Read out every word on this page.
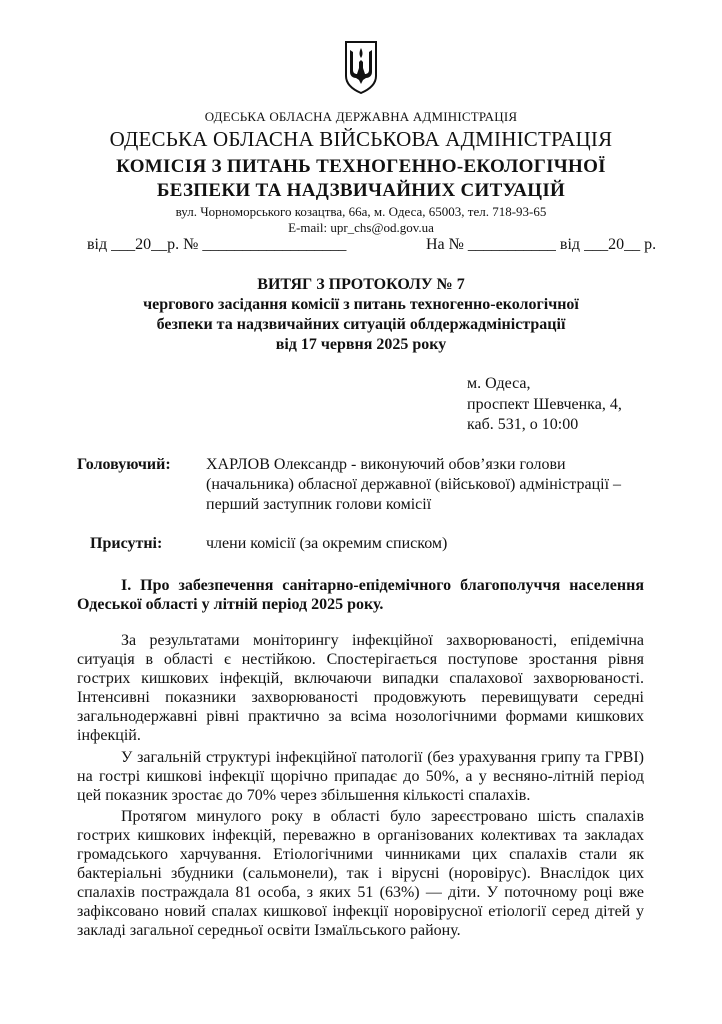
ОДЕСЬКА ОБЛАСНА ДЕРЖАВНА АДМІНІСТРАЦІЯ
ОДЕСЬКА ОБЛАСНА ВІЙСЬКОВА АДМІНІСТРАЦІЯ
КОМІСІЯ З ПИТАНЬ ТЕХНОГЕННО-ЕКОЛОГІЧНОЇ
БЕЗПЕКИ ТА НАДЗВИЧАЙНИХ СИТУАЦІЙ
вул. Чорноморського козацтва, 66а, м. Одеса, 65003, тел. 718-93-65
E-mail: upr_chs@od.gov.ua
від ___20__р. № __________________	На № ___________ від ___20__ р.
ВИТЯГ З ПРОТОКОЛУ № 7
чергового засідання комісії з питань техногенно-екологічної
безпеки та надзвичайних ситуацій облдержадміністрації
від 17 червня 2025 року
м. Одеса,
проспект Шевченка, 4,
каб. 531, о 10:00
Головуючий: ХАРЛОВ Олександр - виконуючий обов’язки голови
(начальника) обласної державної (військової) адміністрації –
перший заступник голови комісії
Присутні:	члени комісії (за окремим списком)
І. Про забезпечення санітарно-епідемічного благополуччя населення
Одеської області у літній період 2025 року.
За результатами моніторингу інфекційної захворюваності, епідемічна
ситуація в області є нестійкою. Спостерігається поступове зростання рівня
гострих кишкових інфекцій, включаючи випадки спалахової захворюваності.
Інтенсивні показники захворюваності продовжують перевищувати середні
загальнодержавні рівні практично за всіма нозологічними формами кишкових
інфекцій.
У загальній структурі інфекційної патології (без урахування грипу та ГРВІ)
на гострі кишкові інфекції щорічно припадає до 50%, а у весняно-літній період
цей показник зростає до 70% через збільшення кількості спалахів.
Протягом минулого року в області було зареєстровано шість спалахів
гострих кишкових інфекцій, переважно в організованих колективах та закладах
громадського харчування. Етіологічними чинниками цих спалахів стали як
бактеріальні збудники (сальмонели), так і вірусні (норовірус). Внаслідок цих
спалахів постраждала 81 особа, з яких 51 (63%) — діти. У поточному році вже
зафіксовано новий спалах кишкової інфекції норовірусної етіології серед дітей у
закладі загальної середньої освіти Ізмаїльського району.
